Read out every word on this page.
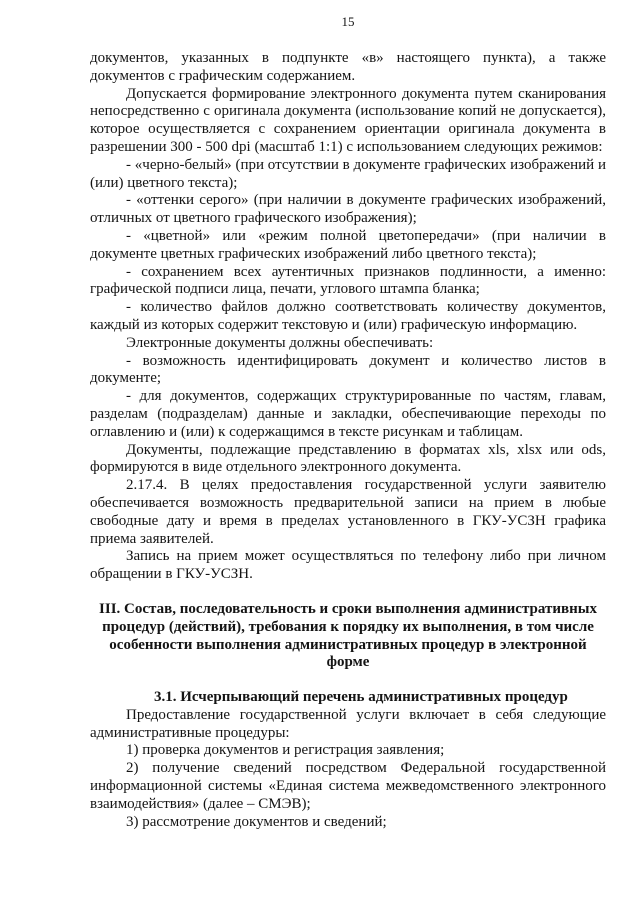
15

документов, указанных в подпункте «в» настоящего пункта), а также документов с графическим содержанием.

Допускается формирование электронного документа путем сканирования непосредственно с оригинала документа (использование копий не допускается), которое осуществляется с сохранением ориентации оригинала документа в разрешении 300 - 500 dpi (масштаб 1:1) с использованием следующих режимов:

- «черно-белый» (при отсутствии в документе графических изображений и (или) цветного текста);

- «оттенки серого» (при наличии в документе графических изображений, отличных от цветного графического изображения);

- «цветной» или «режим полной цветопередачи» (при наличии в документе цветных графических изображений либо цветного текста);

- сохранением всех аутентичных признаков подлинности, а именно: графической подписи лица, печати, углового штампа бланка;

- количество файлов должно соответствовать количеству документов, каждый из которых содержит текстовую и (или) графическую информацию.

Электронные документы должны обеспечивать:

- возможность идентифицировать документ и количество листов в документе;

- для документов, содержащих структурированные по частям, главам, разделам (подразделам) данные и закладки, обеспечивающие переходы по оглавлению и (или) к содержащимся в тексте рисункам и таблицам.

Документы, подлежащие представлению в форматах xls, xlsx или ods, формируются в виде отдельного электронного документа.

2.17.4. В целях предоставления государственной услуги заявителю обеспечивается возможность предварительной записи на прием в любые свободные дату и время в пределах установленного в ГКУ-УСЗН графика приема заявителей.

Запись на прием может осуществляться по телефону либо при личном обращении в ГКУ-УСЗН.

III. Состав, последовательность и сроки выполнения административных процедур (действий), требования к порядку их выполнения, в том числе особенности выполнения административных процедур в электронной форме
3.1. Исчерпывающий перечень административных процедур

Предоставление государственной услуги включает в себя следующие административные процедуры:

1) проверка документов и регистрация заявления;

2) получение сведений посредством Федеральной государственной информационной системы «Единая система межведомственного электронного взаимодействия» (далее – СМЭВ);

3) рассмотрение документов и сведений;
